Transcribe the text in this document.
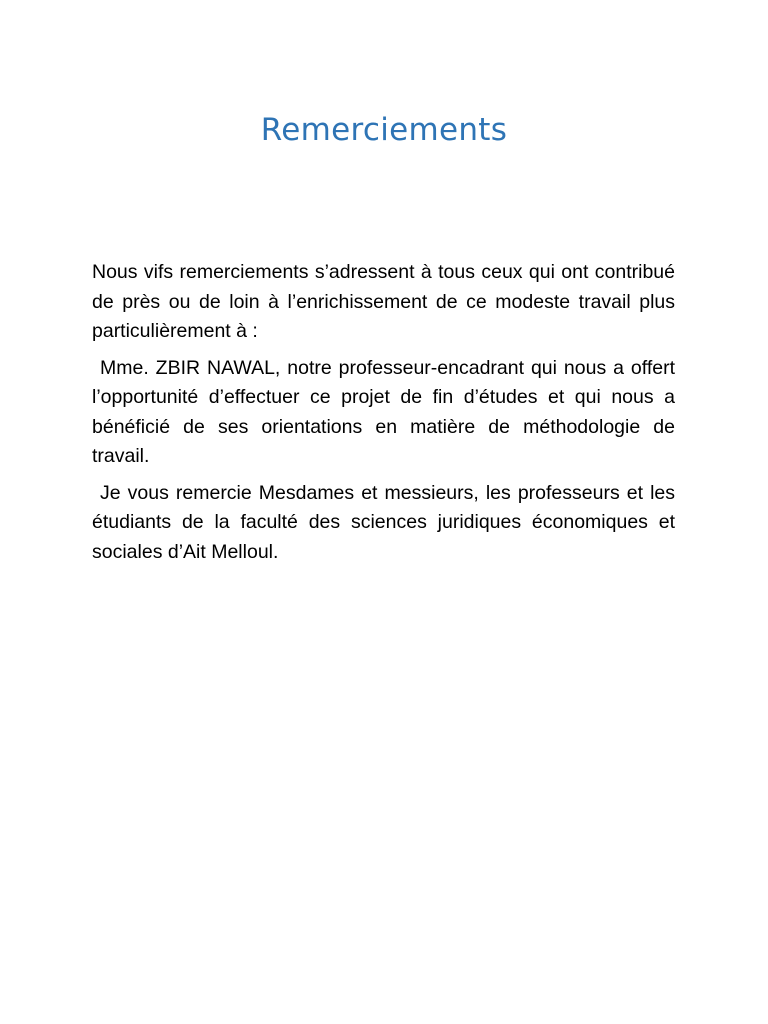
Remerciements

Nous vifs remerciements s’adressent à tous ceux qui ont contribué de près ou de loin à l’enrichissement de ce modeste travail plus particulièrement à :

Mme. ZBIR NAWAL, notre professeur-encadrant qui nous a offert l’opportunité d’effectuer ce projet de fin d’études et qui nous a bénéficié de ses orientations en matière de méthodologie de travail.

Je vous remercie Mesdames et messieurs, les professeurs et les étudiants de la faculté des sciences juridiques économiques et sociales d’Ait Melloul.
